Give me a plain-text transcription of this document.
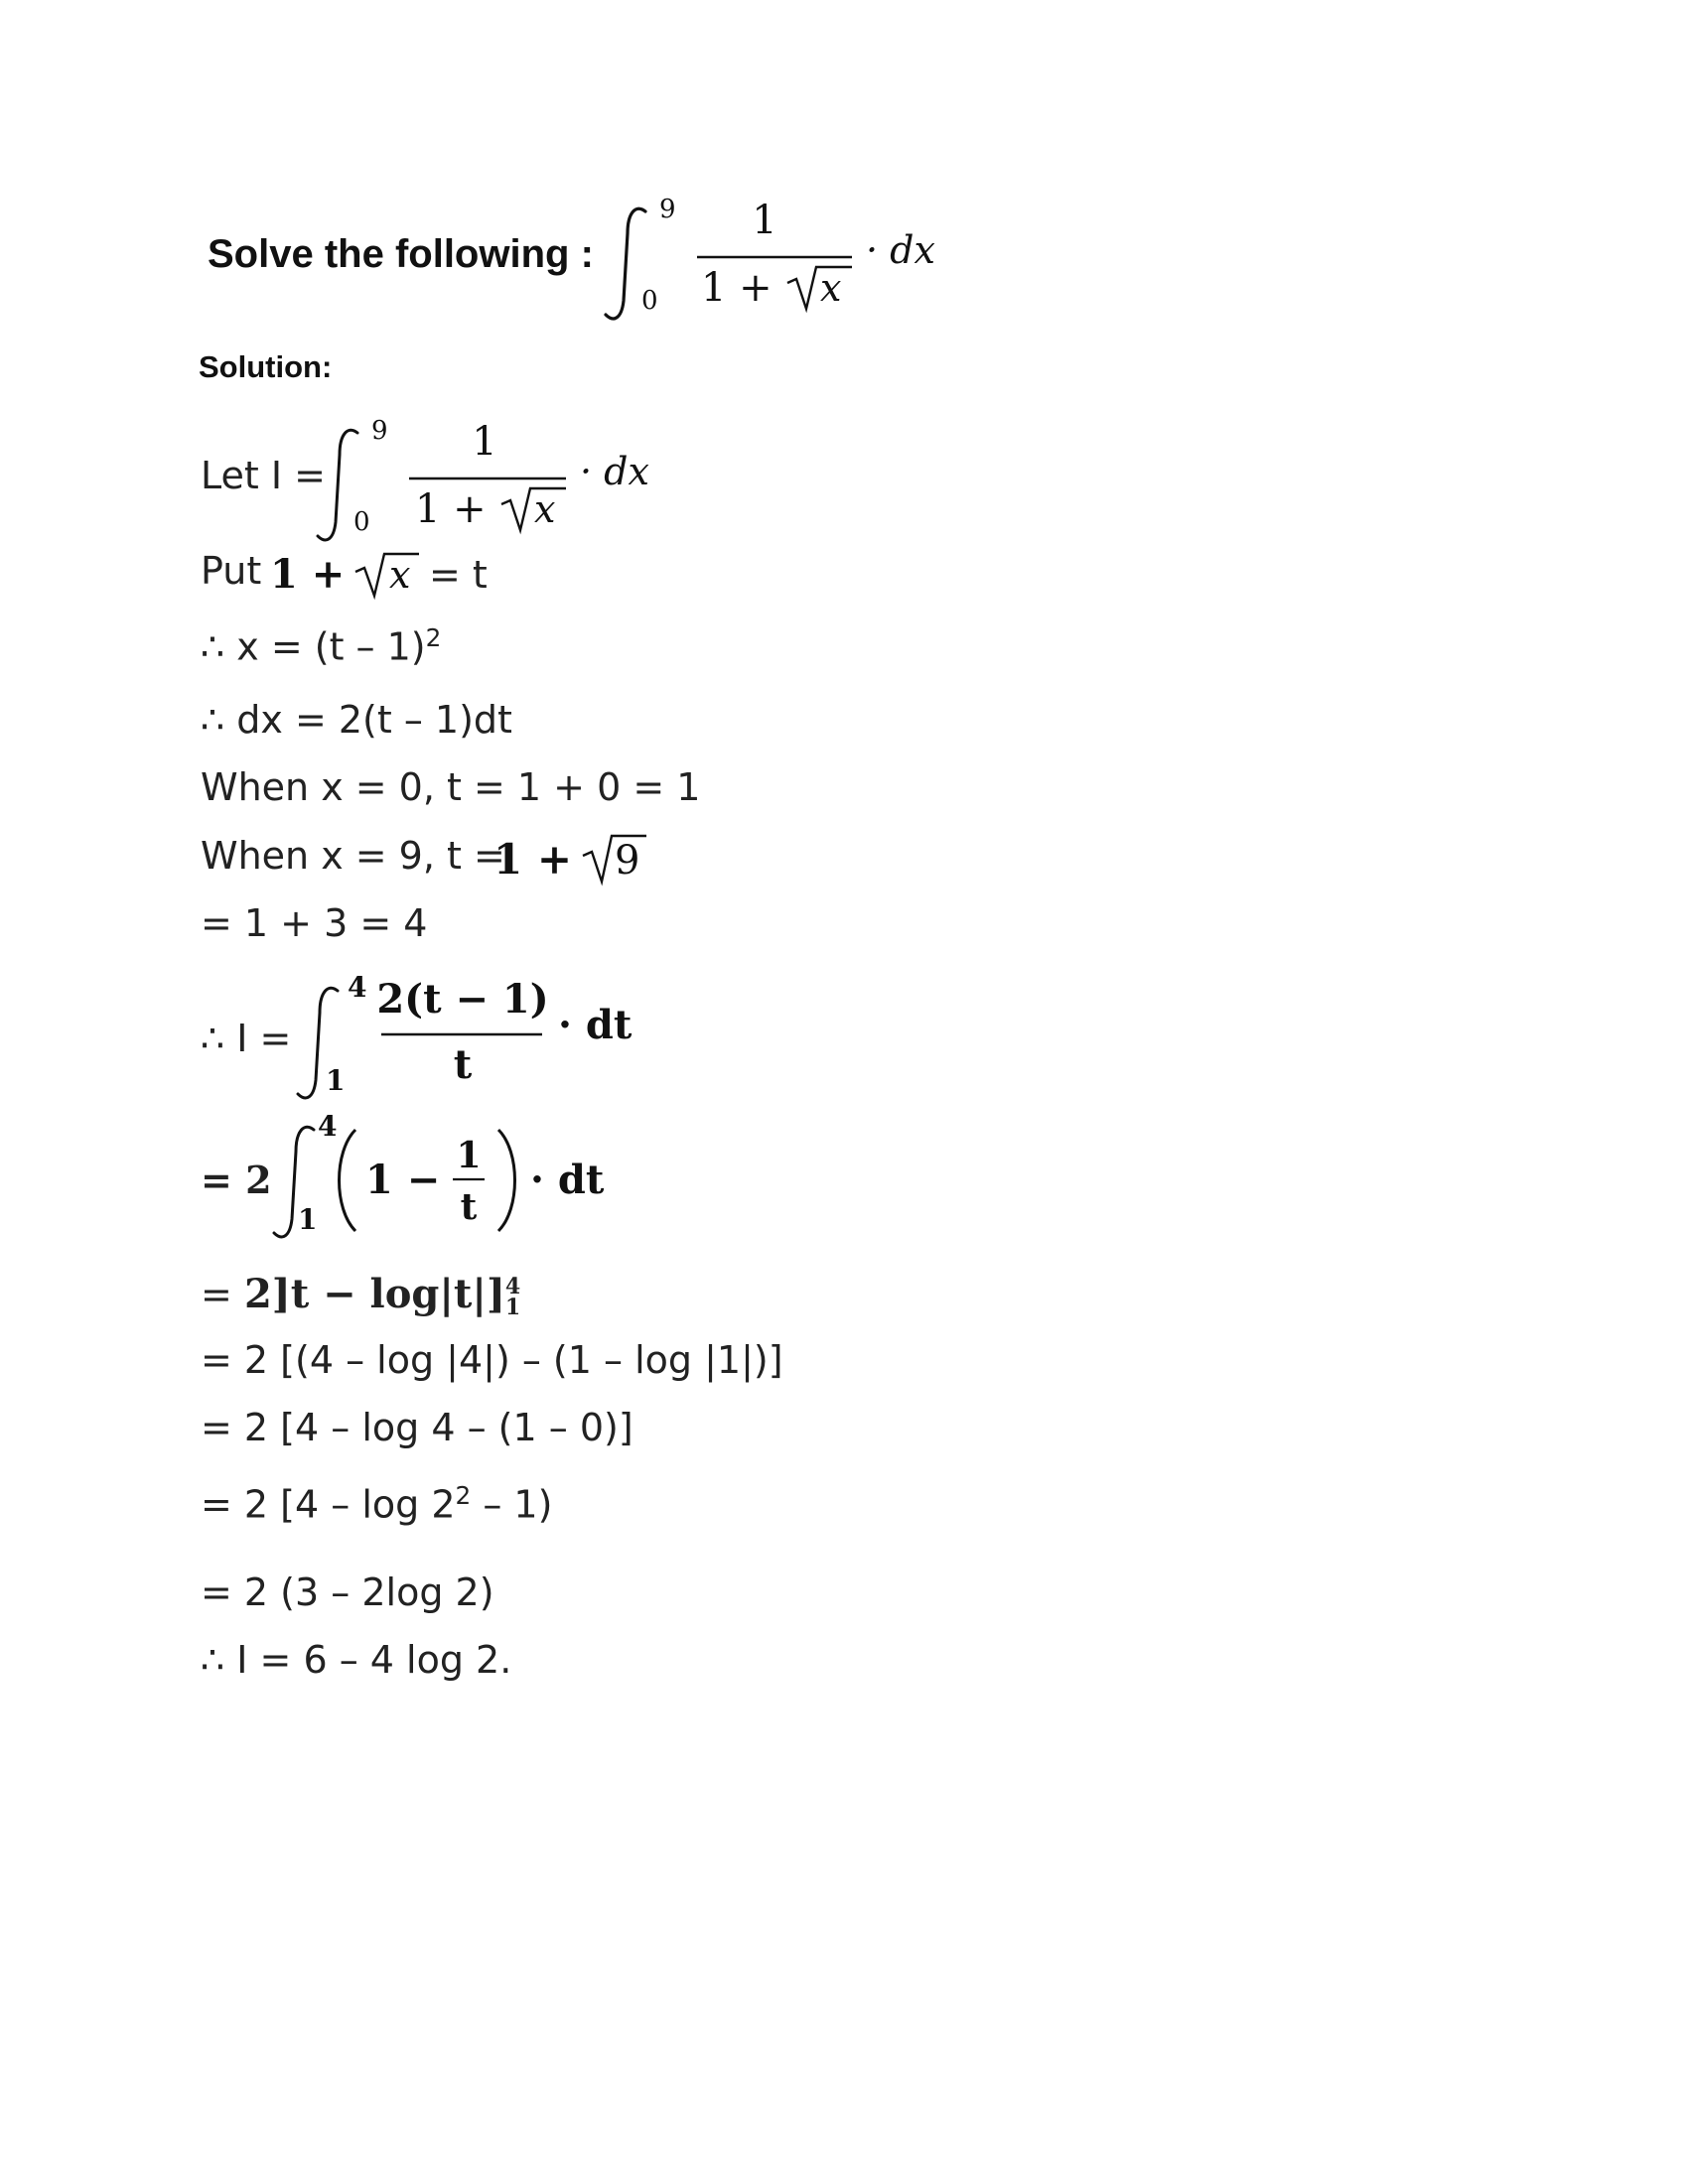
Solve the following :
9
0
1
1 + x
· dx
Solution:
Let I =
9
0
1
1 + x
· dx
Put 1 + x = t
∴ x = (t – 1)$^2$
∴ dx = 2(t – 1)dt
When x = 0, t = 1 + 0 = 1
When x = 9, t =
1 + 9
= 1 + 3 = 4
∴ I =
4
1
2(t − 1)
t
· dt
= 2
4
1
1 −
1
t
· dt
= 2]t − log|t|] 4
1
= 2 [(4 – log |4|) – (1 – log |1|)]
= 2 [4 – log 4 – (1 – 0)]
= 2 $[4 - \log 2^2 - 1)$
= 2 (3 – 2log 2)
∴ I = 6 – 4 log 2.
